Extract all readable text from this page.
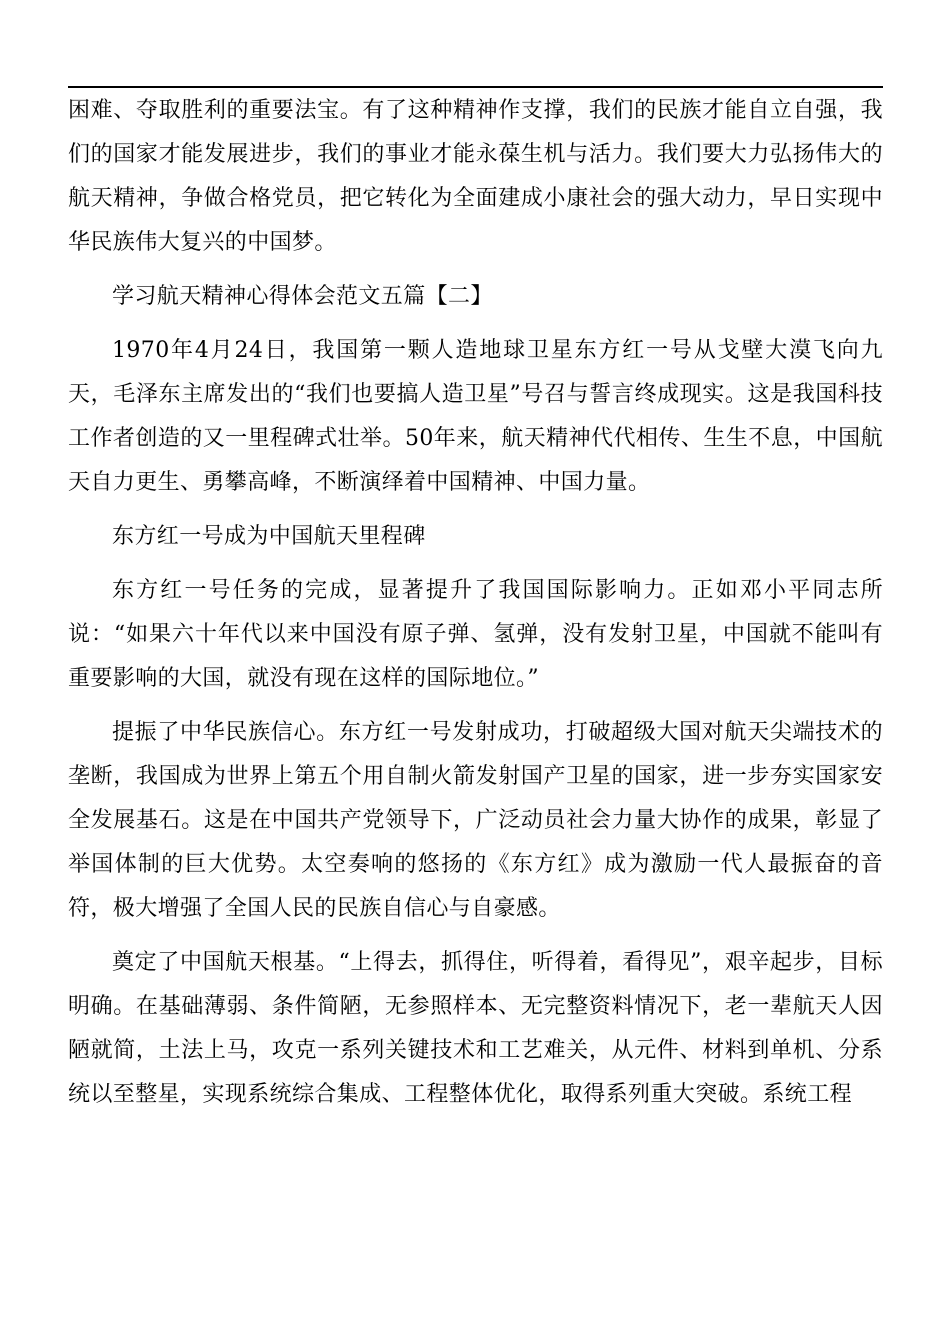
困难、夺取胜利的重要法宝。有了这种精神作支撑，我们的民族才能自立自强，我们的国家才能发展进步，我们的事业才能永葆生机与活力。我们要大力弘扬伟大的航天精神，争做合格党员，把它转化为全面建成小康社会的强大动力，早日实现中华民族伟大复兴的中国梦。

学习航天精神心得体会范文五篇【二】

1970年4月24日，我国第一颗人造地球卫星东方红一号从戈壁大漠飞向九天，毛泽东主席发出的“我们也要搞人造卫星”号召与誓言终成现实。这是我国科技工作者创造的又一里程碑式壮举。50年来，航天精神代代相传、生生不息，中国航天自力更生、勇攀高峰，不断演绎着中国精神、中国力量。

东方红一号成为中国航天里程碑

东方红一号任务的完成，显著提升了我国国际影响力。正如邓小平同志所说：“如果六十年代以来中国没有原子弹、氢弹，没有发射卫星，中国就不能叫有重要影响的大国，就没有现在这样的国际地位。”

提振了中华民族信心。东方红一号发射成功，打破超级大国对航天尖端技术的垄断，我国成为世界上第五个用自制火箭发射国产卫星的国家，进一步夯实国家安全发展基石。这是在中国共产党领导下，广泛动员社会力量大协作的成果，彰显了举国体制的巨大优势。太空奏响的悠扬的《东方红》成为激励一代人最振奋的音符，极大增强了全国人民的民族自信心与自豪感。

奠定了中国航天根基。“上得去，抓得住，听得着，看得见”，艰辛起步，目标明确。在基础薄弱、条件简陋，无参照样本、无完整资料情况下，老一辈航天人因陋就简，土法上马，攻克一系列关键技术和工艺难关，从元件、材料到单机、分系统以至整星，实现系统综合集成、工程整体优化，取得系列重大突破。系统工程
